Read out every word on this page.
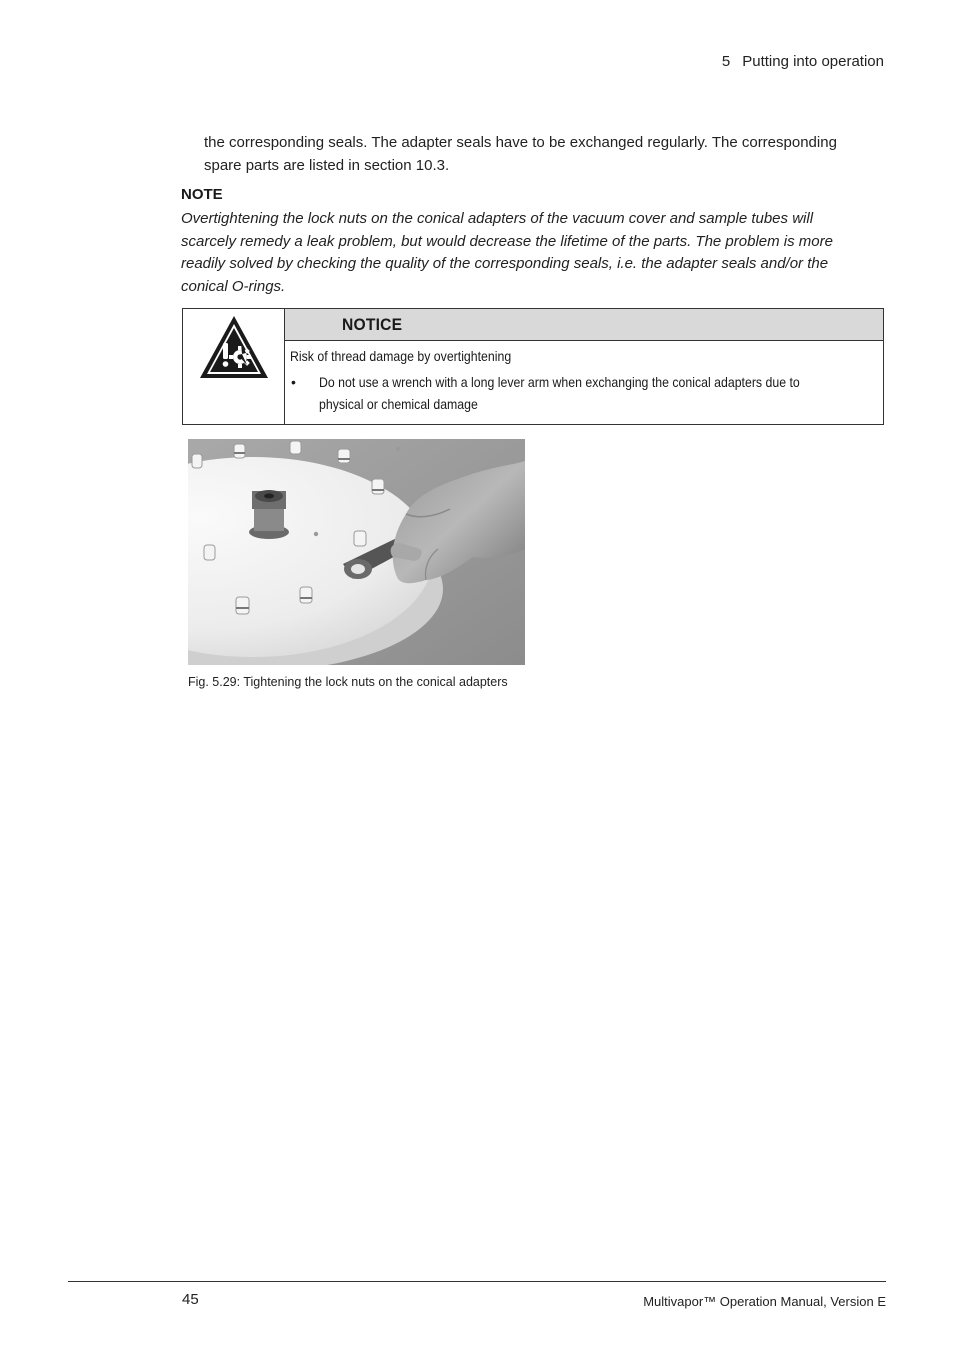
5 Putting into operation
the corresponding seals. The adapter seals have to be exchanged regularly. The corresponding
spare parts are listed in section 10.3.
NOTE
Overtightening the lock nuts on the conical adapters of the vacuum cover and sample tubes will
scarcely remedy a leak problem, but would decrease the lifetime of the parts. The problem is more
readily solved by checking the quality of the corresponding seals, i.e. the adapter seals and/or the
conical O-rings.
NOTICE
Risk of thread damage by overtightening
•	Do not use a wrench with a long lever arm when exchanging the conical adapters due to
physical or chemical damage
Fig. 5.29: Tightening the lock nuts on the conical adapters
45	Multivapor™ Operation Manual, Version E
